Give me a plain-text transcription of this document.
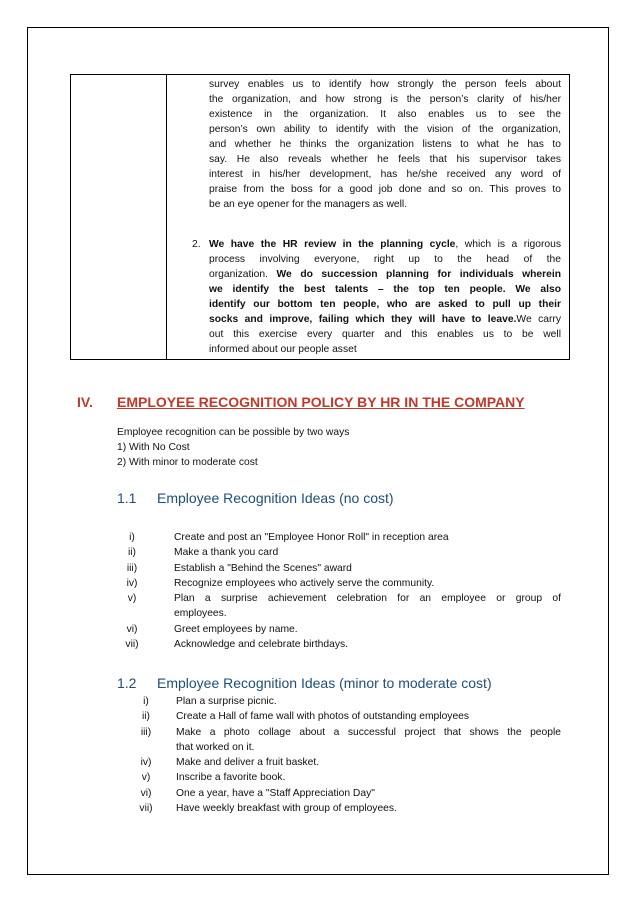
survey enables us to identify how strongly the person feels about
the organization, and how strong is the person’s clarity of his/her
existence in the organization. It also enables us to see the
person’s own ability to identify with the vision of the organization,
and whether he thinks the organization listens to what he has to
say. He also reveals whether he feels that his supervisor takes
interest in his/her development, has he/she received any word of
praise from the boss for a good job done and so on. This proves to
be an eye opener for the managers as well.
2. We have the HR review in the planning cycle, which is a rigorous
process involving everyone, right up to the head of the
organization. We do succession planning for individuals wherein
we identify the best talents – the top ten people. We also
identify our bottom ten people, who are asked to pull up their
socks and improve, failing which they will have to leave.We carry
out this exercise every quarter and this enables us to be well
informed about our people asset
IV. EMPLOYEE RECOGNITION POLICY BY HR IN THE COMPANY
Employee recognition can be possible by two ways
1) With No Cost
2) With minor to moderate cost
1.1 Employee Recognition Ideas (no cost)
i)	Create and post an "Employee Honor Roll" in reception area
ii)	Make a thank you card
iii)	Establish a "Behind the Scenes" award
iv)	Recognize employees who actively serve the community.
v)	Plan a surprise achievement celebration for an employee or group of
employees.
vi)	Greet employees by name.
vii)	Acknowledge and celebrate birthdays.
1.2 Employee Recognition Ideas (minor to moderate cost)
i)	Plan a surprise picnic.
ii)	Create a Hall of fame wall with photos of outstanding employees
iii)	Make a photo collage about a successful project that shows the people
that worked on it.
iv)	Make and deliver a fruit basket.
v)	Inscribe a favorite book.
vi)	One a year, have a "Staff Appreciation Day"
vii)	Have weekly breakfast with group of employees.
